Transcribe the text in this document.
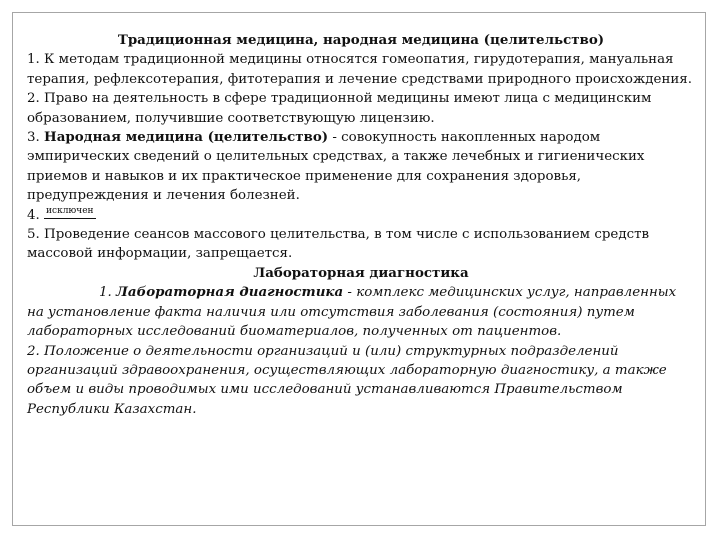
Традиционная медицина, народная медицина (целительство)

1. К методам традиционной медицины относятся гомеопатия, гирудотерапия, мануальная терапия, рефлексотерапия, фитотерапия и лечение средствами природного происхождения.

2. Право на деятельность в сфере традиционной медицины имеют лица с медицинским образованием, получившие соответствующую лицензию.

3. Народная медицина (целительство) - совокупность накопленных народом эмпирических сведений о целительных средствах, а также лечебных и гигиенических приемов и навыков и их практическое применение для сохранения здоровья, предупреждения и лечения болезней.

4. исключен

5. Проведение сеансов массового целительства, в том числе с использованием средств массовой информации, запрещается.

Лабораторная диагностика

1. Лабораторная диагностика - комплекс медицинских услуг, направленных на установление факта наличия или отсутствия заболевания (состояния) путем лабораторных исследований биоматериалов, полученных от пациентов.

2. Положение о деятельности организаций и (или) структурных подразделений организаций здравоохранения, осуществляющих лабораторную диагностику, а также объем и виды проводимых ими исследований устанавливаются Правительством Республики Казахстан.
